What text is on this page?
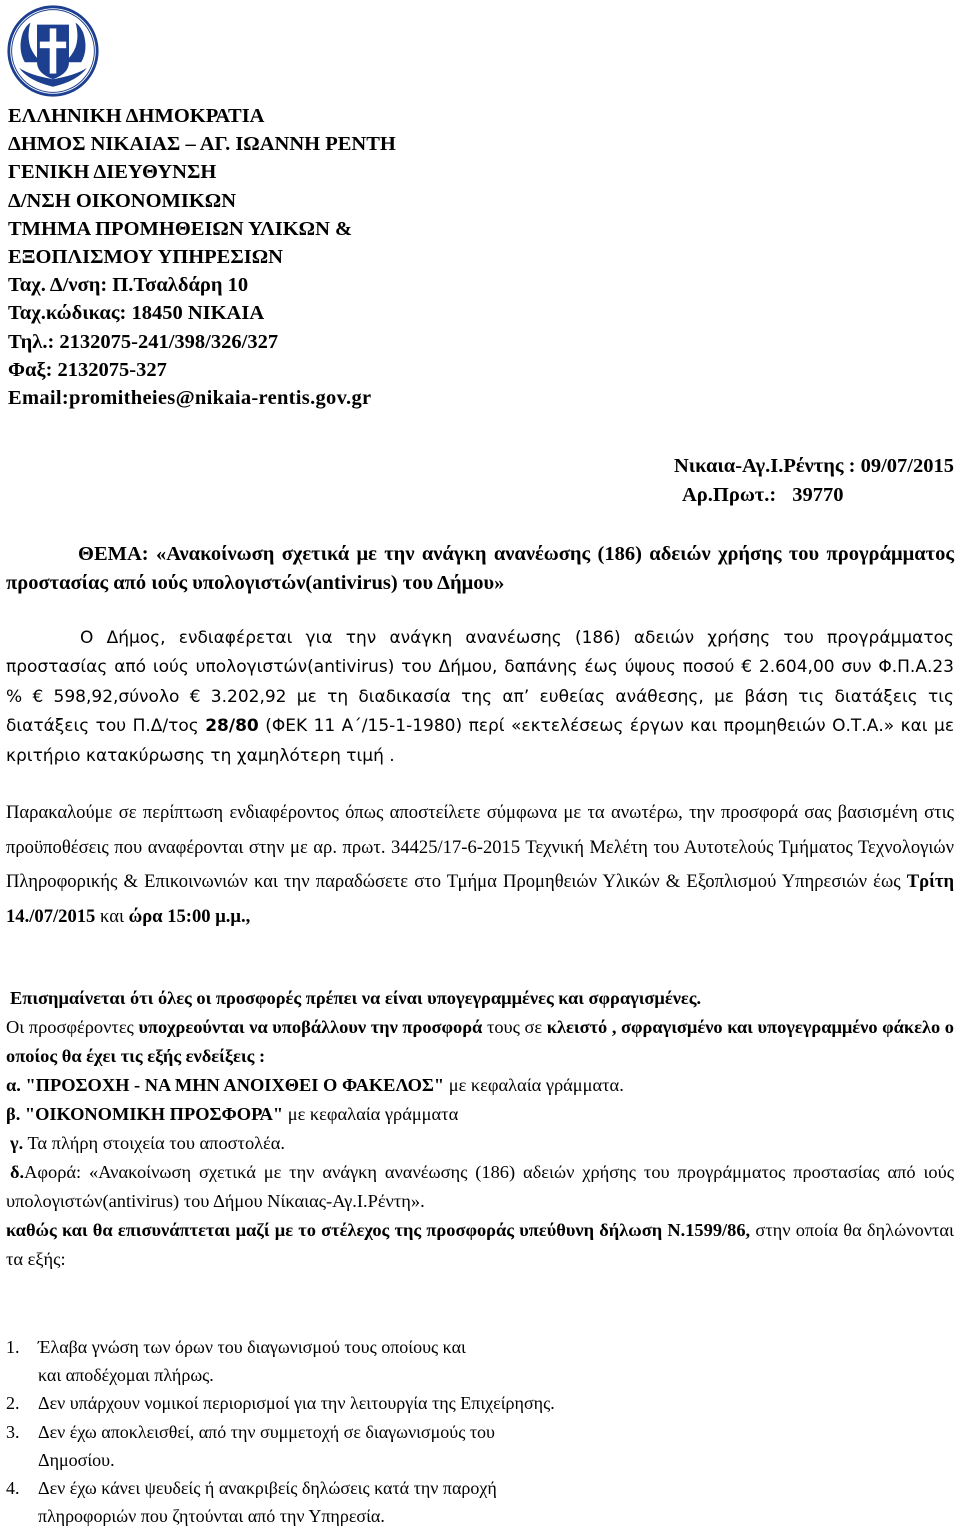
ΕΛΛΗΝΙΚΗ ΔΗΜΟΚΡΑΤΙΑ
ΔΗΜΟΣ ΝΙΚΑΙΑΣ – ΑΓ. ΙΩΑΝΝΗ ΡΕΝΤΗ
ΓΕΝΙΚΗ ΔΙΕΥΘΥΝΣΗ
Δ/ΝΣΗ ΟΙΚΟΝΟΜΙΚΩΝ
ΤΜΗΜΑ ΠΡΟΜΗΘΕΙΩΝ ΥΛΙΚΩΝ &
ΕΞΟΠΛΙΣΜΟΥ ΥΠΗΡΕΣΙΩΝ
Ταχ. Δ/νση: Π.Τσαλδάρη 10
Ταχ.κώδικας: 18450 ΝΙΚΑΙΑ
Τηλ.: 2132075-241/398/326/327
Φαξ: 2132075-327
Email:promitheies@nikaia-rentis.gov.gr
Νικαια-Αγ.Ι.Ρέντης : 09/07/2015
Αρ.Πρωτ.: 39770
ΘΕΜΑ: «Ανακοίνωση σχετικά με την ανάγκη ανανέωσης (186) αδειών χρήσης του προγράμματος προστασίας από ιούς υπολογιστών(antivirus) του Δήμου»
Ο Δήμος, ενδιαφέρεται για την ανάγκη ανανέωσης (186) αδειών χρήσης του προγράμματος προστασίας από ιούς υπολογιστών(antivirus) του Δήμου, δαπάνης έως ύψους ποσού € 2.604,00 συν Φ.Π.Α.23 % € 598,92,σύνολο € 3.202,92 με τη διαδικασία της απ’ ευθείας ανάθεσης, με βάση τις διατάξεις τις διατάξεις του Π.Δ/τος 28/80 (ΦΕΚ 11 Α΄/15-1-1980) περί «εκτελέσεως έργων και προμηθειών Ο.Τ.Α.» και με κριτήριο κατακύρωσης τη χαμηλότερη τιμή .
Παρακαλούμε σε περίπτωση ενδιαφέροντος όπως αποστείλετε σύμφωνα με τα ανωτέρω, την προσφορά σας βασισμένη στις προϋποθέσεις που αναφέρονται στην με αρ. πρωτ. 34425/17-6-2015 Τεχνική Μελέτη του Αυτοτελούς Τμήματος Τεχνολογιών Πληροφορικής & Επικοινωνιών και την παραδώσετε στο Τμήμα Προμηθειών Υλικών & Εξοπλισμού Υπηρεσιών έως Τρίτη 14./07/2015 και ώρα 15:00 μ.μ.,
Επισημαίνεται ότι όλες οι προσφορές πρέπει να είναι υπογεγραμμένες και σφραγισμένες.
Οι προσφέροντες υποχρεούνται να υποβάλλουν την προσφορά τους σε κλειστό , σφραγισμένο και υπογεγραμμένο φάκελο ο οποίος θα έχει τις εξής ενδείξεις :
α. "ΠΡΟΣΟΧΗ - ΝΑ ΜΗΝ ΑΝΟΙΧΘΕΙ Ο ΦΑΚΕΛΟΣ" με κεφαλαία γράμματα.
β. "ΟΙΚΟΝΟΜΙΚΗ ΠΡΟΣΦΟΡΑ" με κεφαλαία γράμματα
γ. Τα πλήρη στοιχεία του αποστολέα.
δ.Αφορά: «Ανακοίνωση σχετικά με την ανάγκη ανανέωσης (186) αδειών χρήσης του προγράμματος προστασίας από ιούς υπολογιστών(antivirus) του Δήμου Νίκαιας-Αγ.Ι.Ρέντη».
καθώς και θα επισυνάπτεται μαζί με το στέλεχος της προσφοράς υπεύθυνη δήλωση Ν.1599/86, στην οποία θα δηλώνονται τα εξής:
1. Έλαβα γνώση των όρων του διαγωνισμού τους οποίους και
και αποδέχομαι πλήρως.
2. Δεν υπάρχουν νομικοί περιορισμοί για την λειτουργία της Επιχείρησης.
3. Δεν έχω αποκλεισθεί, από την συμμετοχή σε διαγωνισμούς του
Δημοσίου.
4. Δεν έχω κάνει ψευδείς ή ανακριβείς δηλώσεις κατά την παροχή
πληροφοριών που ζητούνται από την Υπηρεσία.
